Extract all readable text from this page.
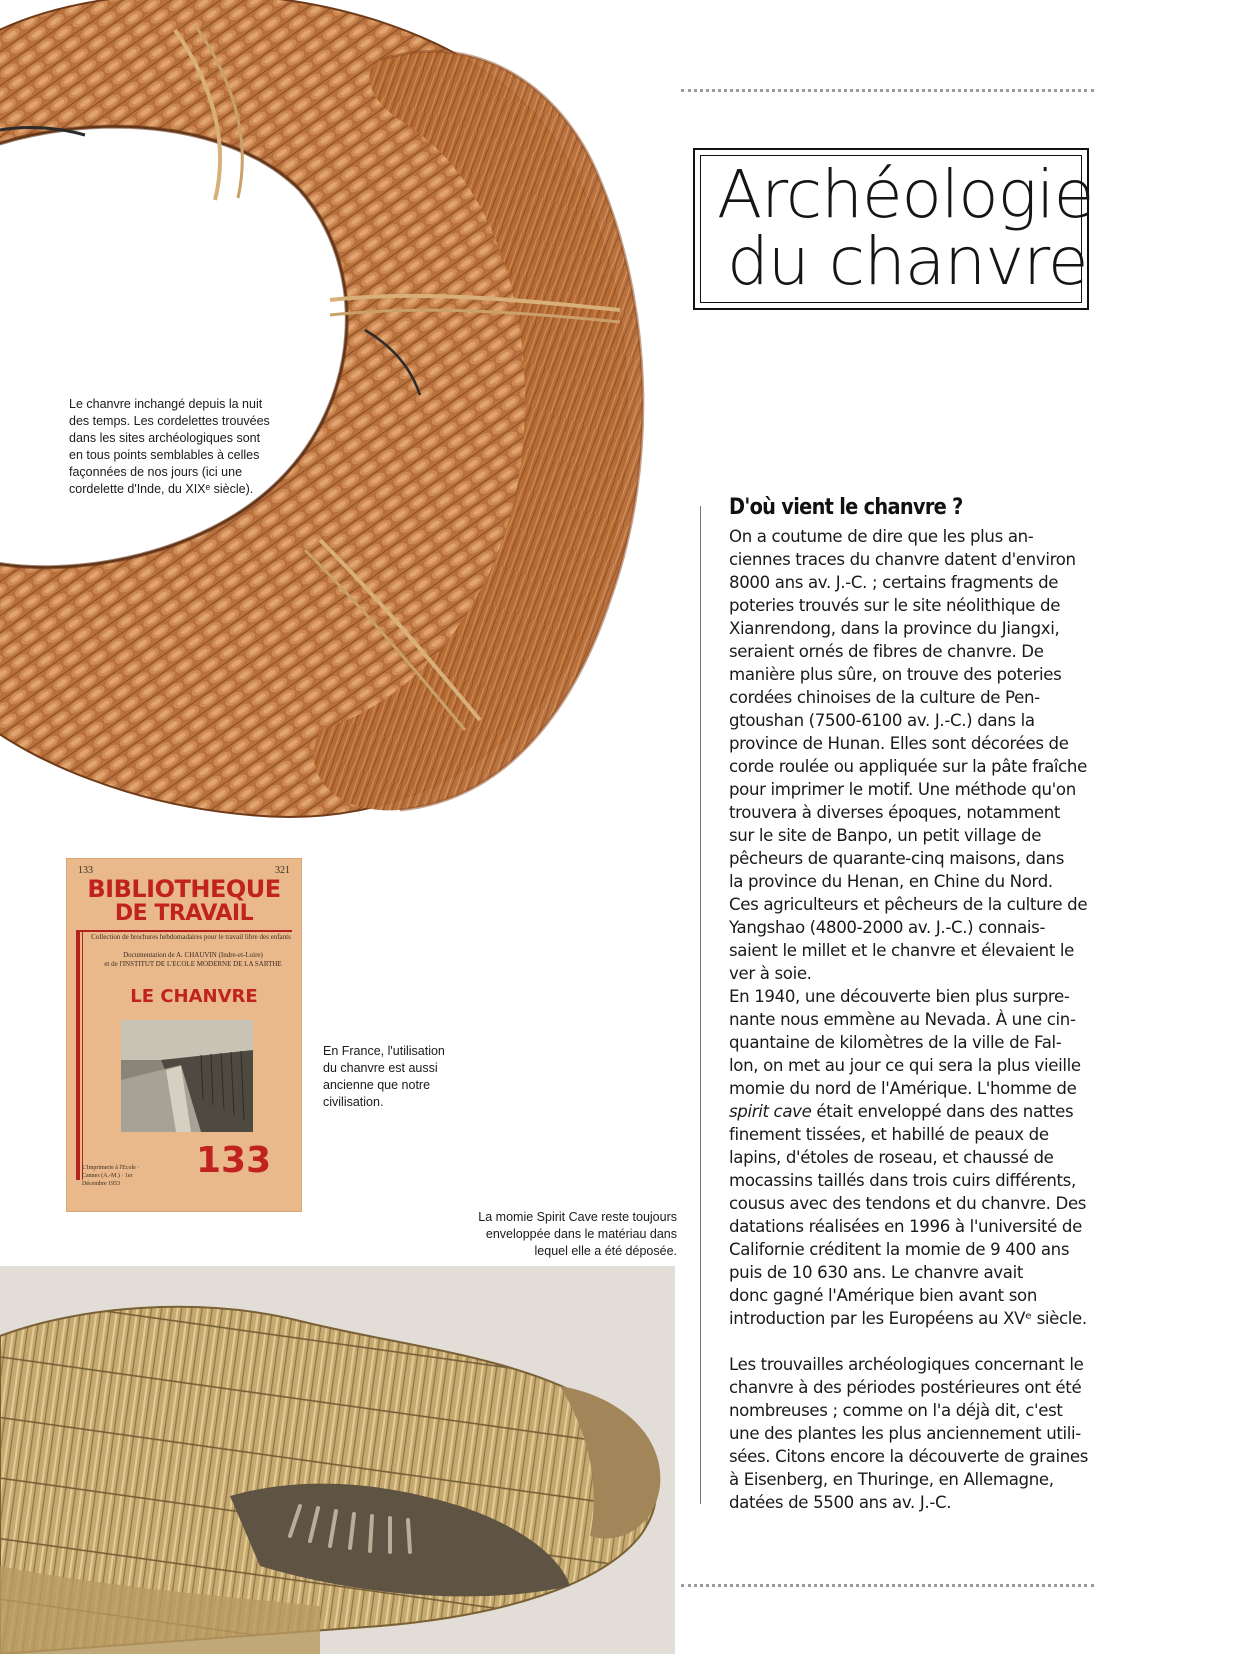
Archéologie
du chanvre
Le chanvre inchangé depuis la nuit
des temps. Les cordelettes trouvées
dans les sites archéologiques sont
en tous points semblables à celles
façonnées de nos jours (ici une
cordelette d'Inde, du XIXᵉ siècle).
133	321
BIBLIOTHEQUE
DE TRAVAIL
Collection de brochures hebdomadaires pour le travail libre des enfants
Documentation de A. CHAUVIN (Indre-et-Loire)
et de l'INSTITUT DE L'ECOLE MODERNE DE LA SARTHE
LE CHANVRE
133
L'Imprimerie à l'Ecole · Cannes (A.-M.) · 1er Décembre 1953
En France, l'utilisation
du chanvre est aussi
ancienne que notre
civilisation.
La momie Spirit Cave reste toujours
enveloppée dans le matériau dans
lequel elle a été déposée.
D'où vient le chanvre ?
On a coutume de dire que les plus an-
ciennes traces du chanvre datent d'environ
8000 ans av. J.-C. ; certains fragments de
poteries trouvés sur le site néolithique de
Xianrendong, dans la province du Jiangxi,
seraient ornés de fibres de chanvre. De
manière plus sûre, on trouve des poteries
cordées chinoises de la culture de Pen-
gtoushan (7500-6100 av. J.-C.) dans la
province de Hunan. Elles sont décorées de
corde roulée ou appliquée sur la pâte fraîche
pour imprimer le motif. Une méthode qu'on
trouvera à diverses époques, notamment
sur le site de Banpo, un petit village de
pêcheurs de quarante-cinq maisons, dans
la province du Henan, en Chine du Nord.
Ces agriculteurs et pêcheurs de la culture de
Yangshao (4800-2000 av. J.-C.) connais-
saient le millet et le chanvre et élevaient le
ver à soie.
En 1940, une découverte bien plus surpre-
nante nous emmène au Nevada. À une cin-
quantaine de kilomètres de la ville de Fal-
lon, on met au jour ce qui sera la plus vieille
momie du nord de l'Amérique. L'homme de
spirit cave était enveloppé dans des nattes
finement tissées, et habillé de peaux de
lapins, d'étoles de roseau, et chaussé de
mocassins taillés dans trois cuirs différents,
cousus avec des tendons et du chanvre. Des
datations réalisées en 1996 à l'université de
Californie créditent la momie de 9 400 ans
puis de 10 630 ans. Le chanvre avait
donc gagné l'Amérique bien avant son
introduction par les Européens au XVᵉ siècle.
Les trouvailles archéologiques concernant le
chanvre à des périodes postérieures ont été
nombreuses ; comme on l'a déjà dit, c'est
une des plantes les plus anciennement utili-
sées. Citons encore la découverte de graines
à Eisenberg, en Thuringe, en Allemagne,
datées de 5500 ans av. J.-C.
